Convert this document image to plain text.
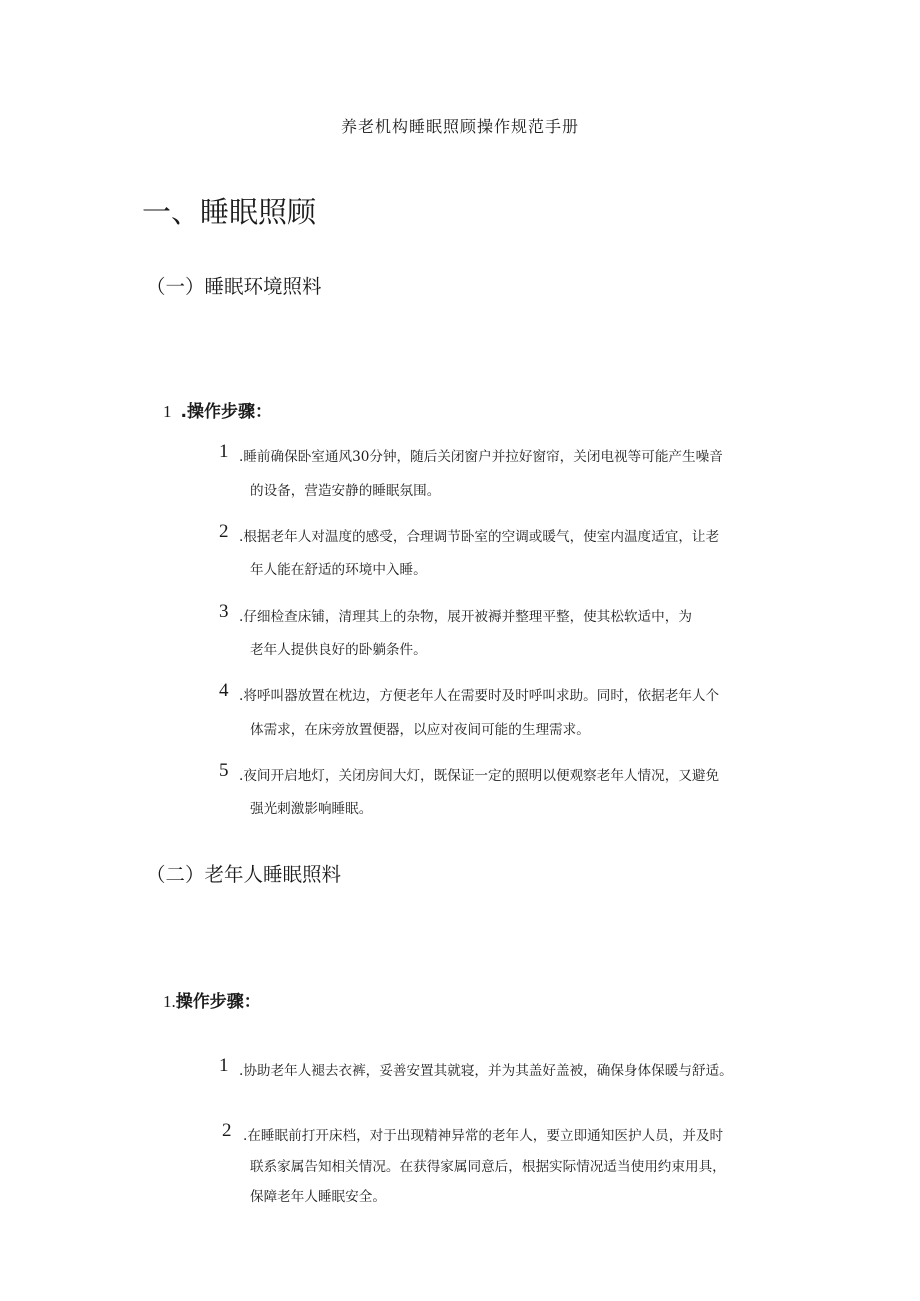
养老机构睡眠照顾操作规范手册
一、睡眠照顾
（一）睡眠环境照料
1 .操作步骤：
1 .睡前确保卧室通风30分钟，随后关闭窗户并拉好窗帘，关闭电视等可能产生噪音
的设备，营造安静的睡眠氛围。
2 .根据老年人对温度的感受，合理调节卧室的空调或暖气，使室内温度适宜，让老
年人能在舒适的环境中入睡。
3 .仔细检查床铺，清理其上的杂物，展开被褥并整理平整，使其松软适中，为
老年人提供良好的卧躺条件。
4 .将呼叫器放置在枕边，方便老年人在需要时及时呼叫求助。同时，依据老年人个
体需求，在床旁放置便器，以应对夜间可能的生理需求。
5 .夜间开启地灯，关闭房间大灯，既保证一定的照明以便观察老年人情况，又避免
强光刺激影响睡眠。
（二）老年人睡眠照料
1.操作步骤：
1 .协助老年人褪去衣裤，妥善安置其就寝，并为其盖好盖被，确保身体保暖与舒适。
2 .在睡眠前打开床档，对于出现精神异常的老年人，要立即通知医护人员，并及时
联系家属告知相关情况。在获得家属同意后，根据实际情况适当使用约束用具，
保障老年人睡眠安全。
